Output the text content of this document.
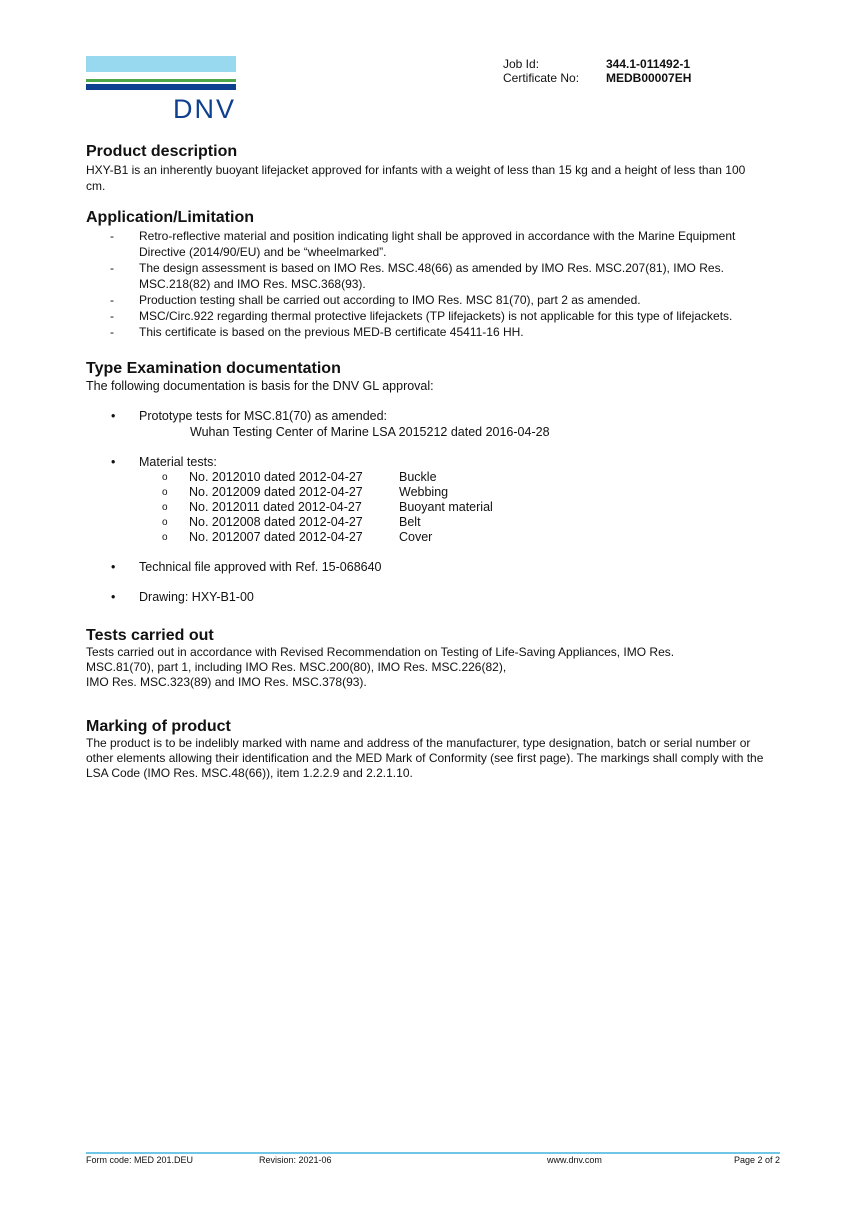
DNV
Job Id:	344.1-011492-1
Certificate No:	MEDB00007EH
Product description

HXY-B1 is an inherently buoyant lifejacket approved for infants with a weight of less than 15 kg and a height of less than 100 cm.

Application/Limitation
- Retro-reflective material and position indicating light shall be approved in accordance with the Marine Equipment Directive (2014/90/EU) and be “wheelmarked”.
- The design assessment is based on IMO Res. MSC.48(66) as amended by IMO Res. MSC.207(81), IMO Res. MSC.218(82) and IMO Res. MSC.368(93).
- Production testing shall be carried out according to IMO Res. MSC 81(70), part 2 as amended.
- MSC/Circ.922 regarding thermal protective lifejackets (TP lifejackets) is not applicable for this type of lifejackets.
- This certificate is based on the previous MED-B certificate 45411-16 HH.
Type Examination documentation

The following documentation is basis for the DNV GL approval:

• Prototype tests for MSC.81(70) as amended:
Wuhan Testing Center of Marine LSA 2015212 dated 2016-04-28
• Material tests:
o No. 2012010 dated 2012-04-27	Buckle
o No. 2012009 dated 2012-04-27	Webbing
o No. 2012011 dated 2012-04-27	Buoyant material
o No. 2012008 dated 2012-04-27	Belt
o No. 2012007 dated 2012-04-27	Cover
• Technical file approved with Ref. 15-068640
• Drawing: HXY-B1-00
Tests carried out

Tests carried out in accordance with Revised Recommendation on Testing of Life-Saving Appliances, IMO Res.

MSC.81(70), part 1, including IMO Res. MSC.200(80), IMO Res. MSC.226(82),

IMO Res. MSC.323(89) and IMO Res. MSC.378(93).

Marking of product

The product is to be indelibly marked with name and address of the manufacturer, type designation, batch or serial number or other elements allowing their identification and the MED Mark of Conformity (see first page). The markings shall comply with the LSA Code (IMO Res. MSC.48(66)), item 1.2.2.9 and 2.2.1.10.

Form code: MED 201.DEU	Revision: 2021-06	www.dnv.com	Page 2 of 2
